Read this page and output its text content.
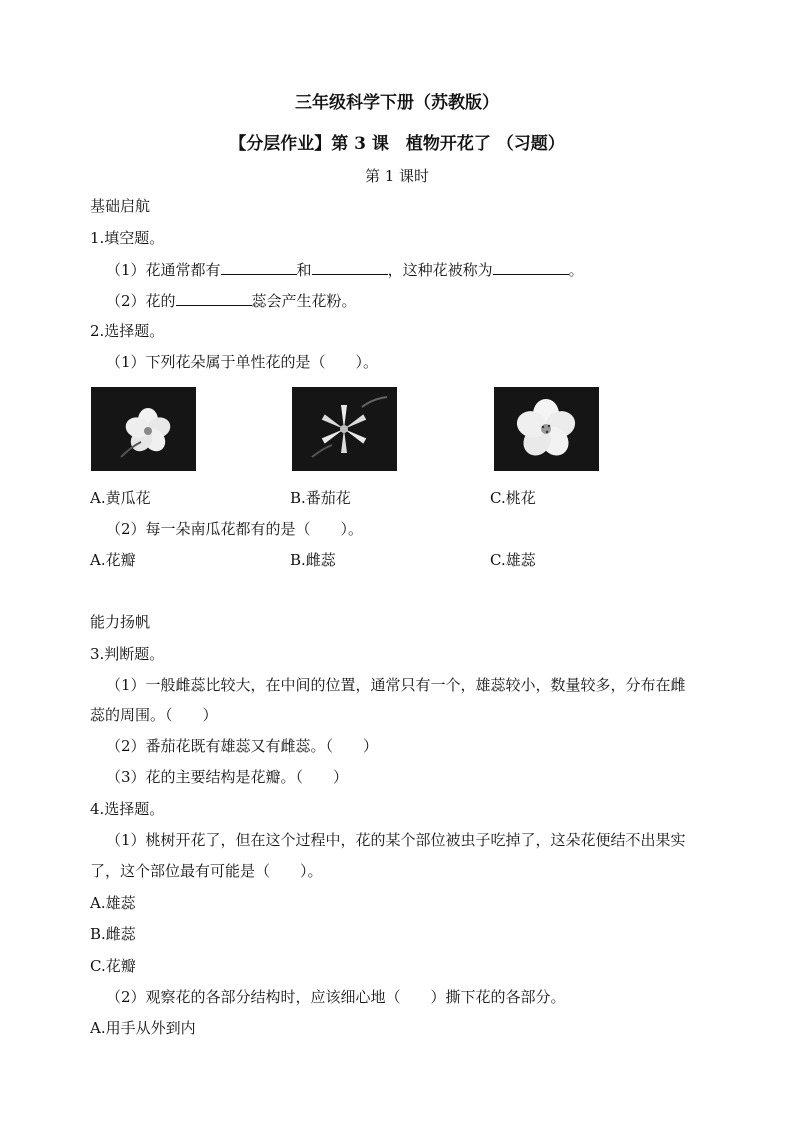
三年级科学下册（苏教版）
【分层作业】第 3 课　植物开花了 （习题）
第 1 课时
基础启航
1.填空题。
（1）花通常都有	和	，这种花被称为	。
（2）花的	蕊会产生花粉。
2.选择题。
（1）下列花朵属于单性花的是（　　）。
A.黄瓜花	B.番茄花	C.桃花
（2）每一朵南瓜花都有的是（　　）。
A.花瓣	B.雌蕊	C.雄蕊
能力扬帆
3.判断题。
（1）一般雌蕊比较大，在中间的位置，通常只有一个，雄蕊较小，数量较多，分布在雌
蕊的周围。（　　）
（2）番茄花既有雄蕊又有雌蕊。（　　）
（3）花的主要结构是花瓣。（　　）
4.选择题。
（1）桃树开花了，但在这个过程中，花的某个部位被虫子吃掉了，这朵花便结不出果实
了，这个部位最有可能是（　　）。
A.雄蕊
B.雌蕊
C.花瓣
（2）观察花的各部分结构时，应该细心地（　　）撕下花的各部分。
A.用手从外到内
